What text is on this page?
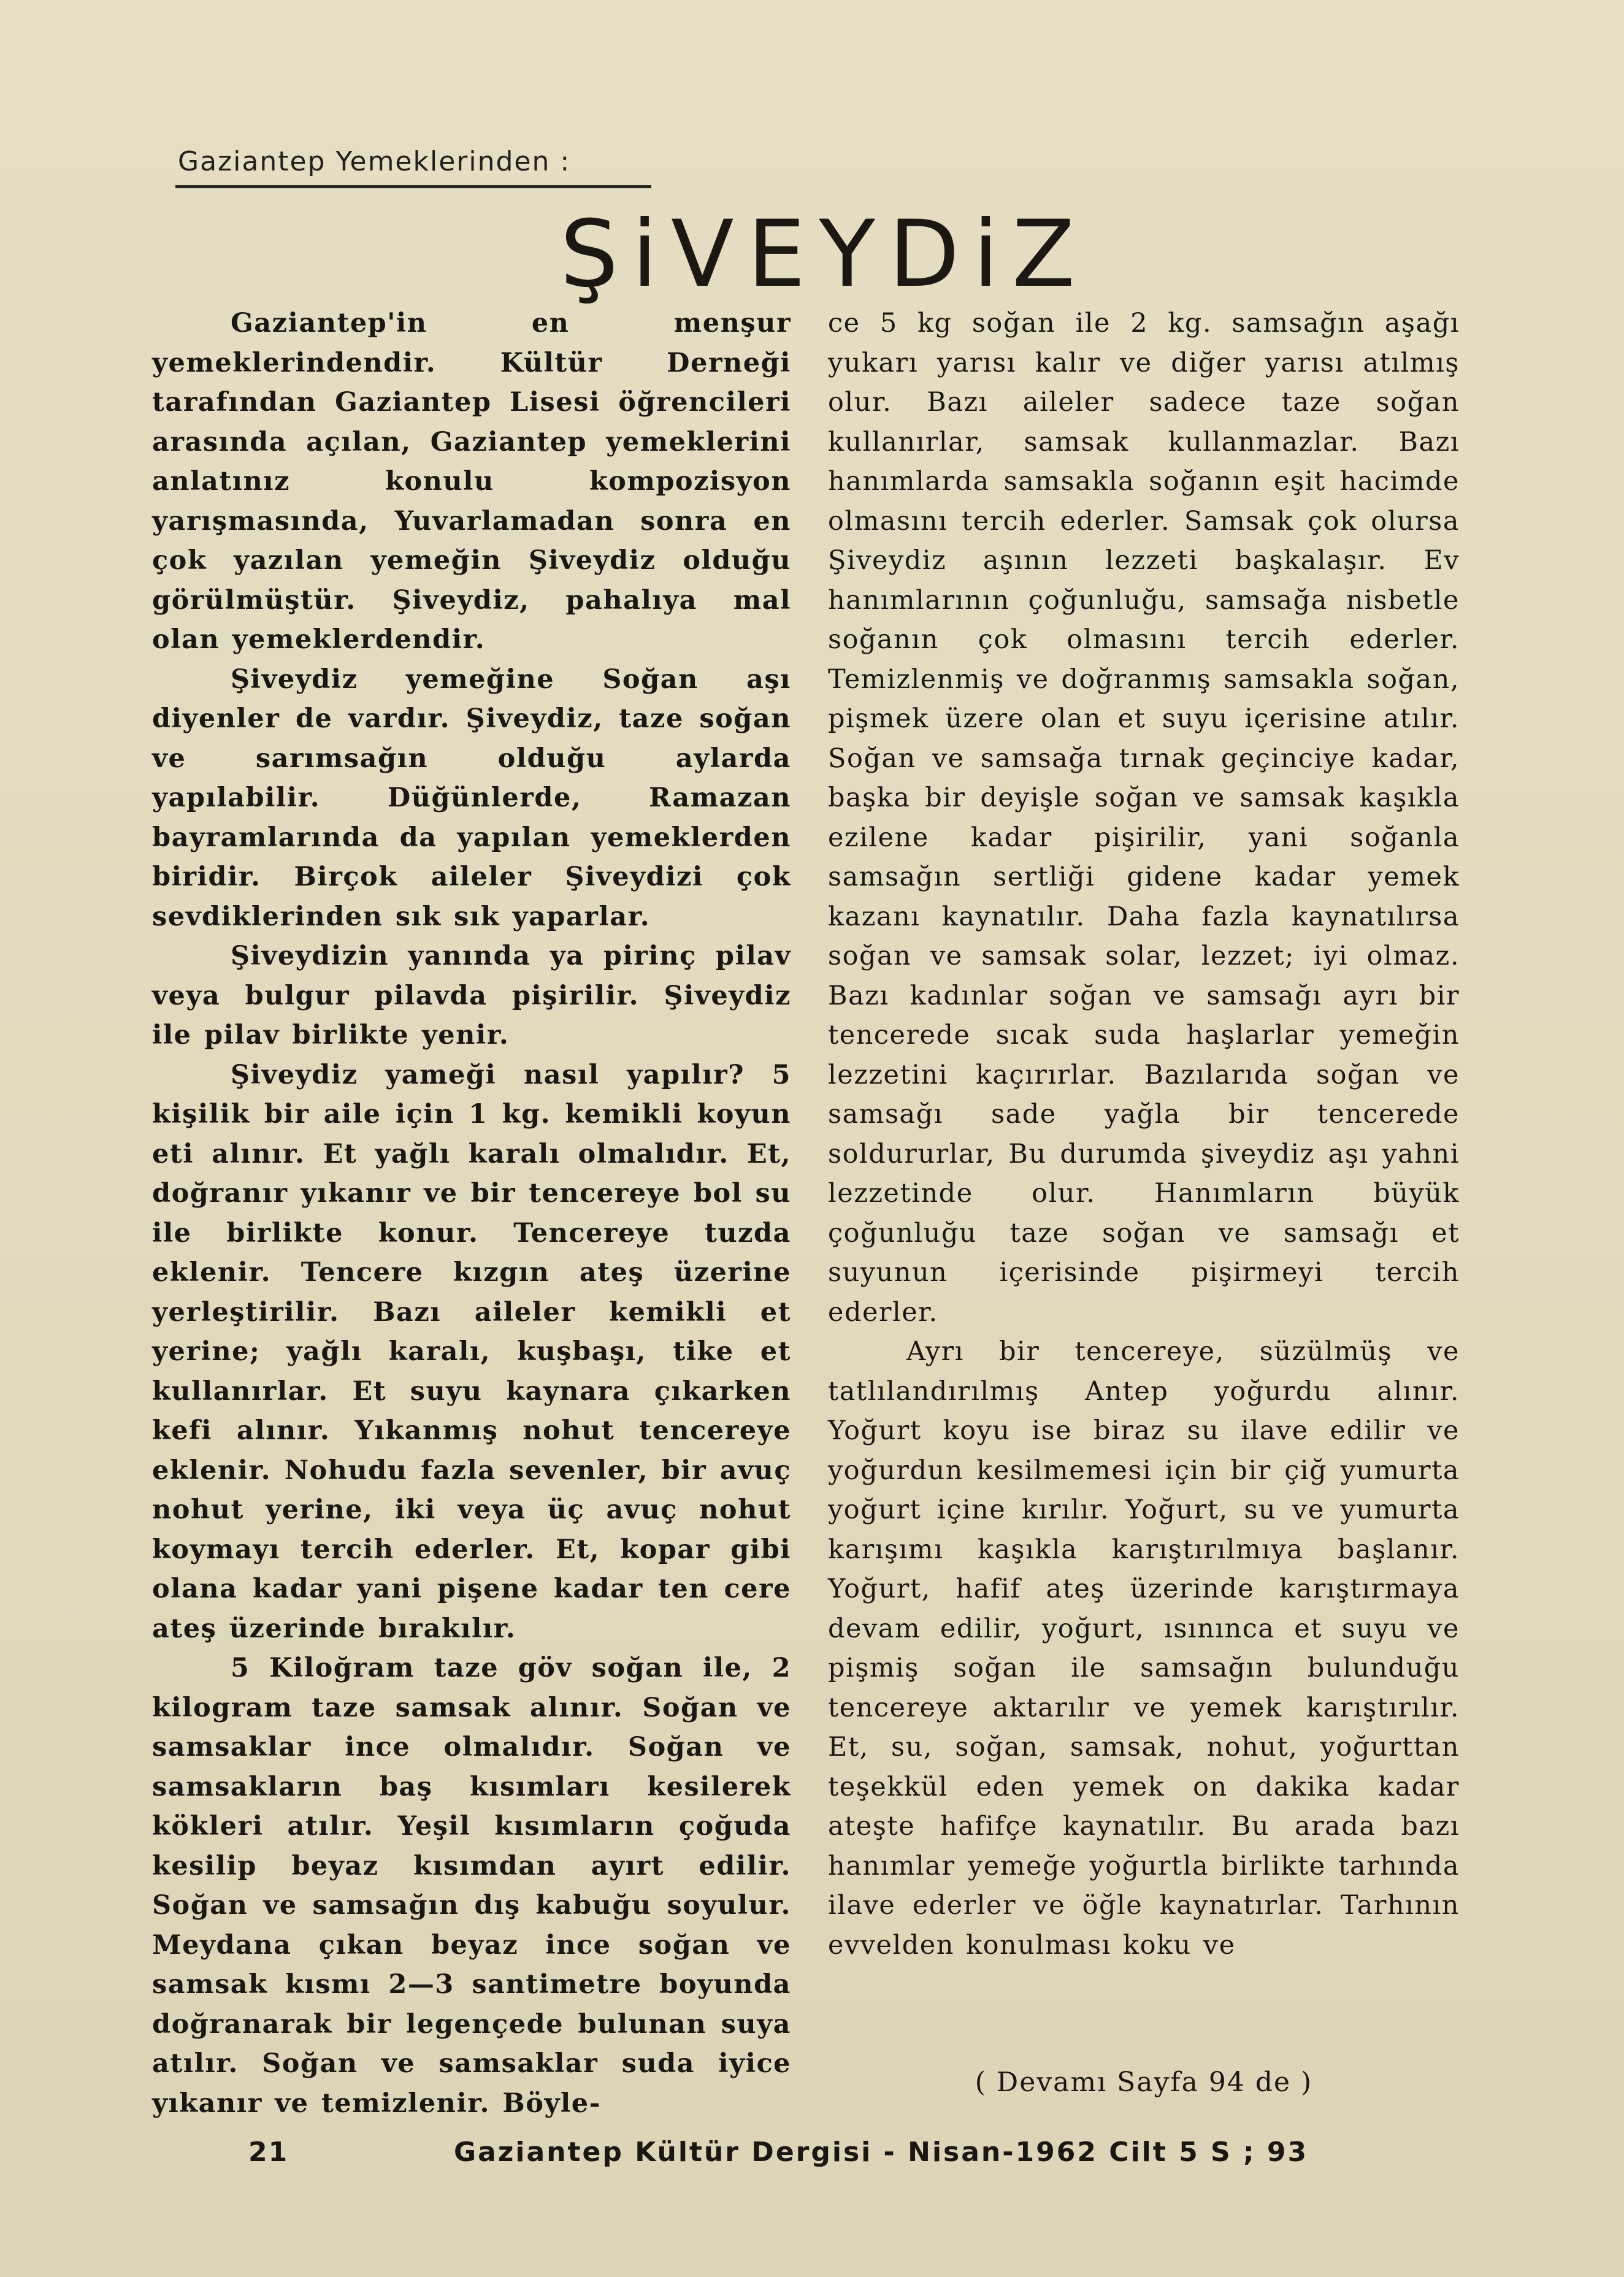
Gaziantep Yemeklerinden :
ŞiVEYDiZ

Gaziantep'in en menşur yemeklerindendir. Kültür Derneği tarafından Gaziantep Lisesi öğrencileri arasında açılan, Gaziantep yemeklerini anlatınız konulu kompozisyon yarışmasında, Yuvarlamadan sonra en çok yazılan yemeğin Şiveydiz olduğu görülmüştür. Şiveydiz, pahalıya mal olan yemeklerdendir.

Şiveydiz yemeğine Soğan aşı diyenler de vardır. Şiveydiz, taze soğan ve sarımsağın olduğu aylarda yapılabilir. Düğünlerde, Ramazan bayramlarında da yapılan yemeklerden biridir. Birçok aileler Şiveydizi çok sevdiklerinden sık sık yaparlar.

Şiveydizin yanında ya pirinç pilav veya bulgur pilavda pişirilir. Şiveydiz ile pilav birlikte yenir.

Şiveydiz yameği nasıl yapılır? 5 kişilik bir aile için 1 kg. kemikli koyun eti alınır. Et yağlı karalı olmalıdır. Et, doğranır yıkanır ve bir tencereye bol su ile birlikte konur. Tencereye tuzda eklenir. Tencere kızgın ateş üzerine yerleştirilir. Bazı aileler kemikli et yerine; yağlı karalı, kuşbaşı, tike et kullanırlar. Et suyu kaynara çıkarken kefi alınır. Yıkanmış nohut tencereye eklenir. Nohudu fazla sevenler, bir avuç nohut yerine, iki veya üç avuç nohut koymayı tercih ederler. Et, kopar gibi olana kadar yani pişene kadar ten cere ateş üzerinde bırakılır.

5 Kiloğram taze göv soğan ile, 2 kilogram taze samsak alınır. Soğan ve samsaklar ince olmalıdır. Soğan ve samsakların baş kısımları kesilerek kökleri atılır. Yeşil kısımların çoğuda kesilip beyaz kısımdan ayırt edilir. Soğan ve samsağın dış kabuğu soyulur. Meydana çıkan beyaz ince soğan ve samsak kısmı 2—3 santimetre boyunda doğranarak bir legençede bulunan suya atılır. Soğan ve samsaklar suda iyice yıkanır ve temizlenir. Böyle-

ce 5 kg soğan ile 2 kg. samsağın aşağı yukarı yarısı kalır ve diğer yarısı atılmış olur. Bazı aileler sadece taze soğan kullanırlar, samsak kullanmazlar. Bazı hanımlarda samsakla soğanın eşit hacimde olmasını tercih ederler. Samsak çok olursa Şiveydiz aşının lezzeti başkalaşır. Ev hanımlarının çoğunluğu, samsağa nisbetle soğanın çok olmasını tercih ederler. Temizlenmiş ve doğranmış samsakla soğan, pişmek üzere olan et suyu içerisine atılır. Soğan ve samsağa tırnak geçinciye kadar, başka bir deyişle soğan ve samsak kaşıkla ezilene kadar pişirilir, yani soğanla samsağın sertliği gidene kadar yemek kazanı kaynatılır. Daha fazla kaynatılırsa soğan ve samsak solar, lezzet; iyi olmaz. Bazı kadınlar soğan ve samsağı ayrı bir tencerede sıcak suda haşlarlar yemeğin lezzetini kaçırırlar. Bazılarıda soğan ve samsağı sade yağla bir tencerede soldururlar, Bu durumda şiveydiz aşı yahni lezzetinde olur. Hanımların büyük çoğunluğu taze soğan ve samsağı et suyunun içerisinde pişirmeyi tercih ederler.

Ayrı bir tencereye, süzülmüş ve tatlılandırılmış Antep yoğurdu alınır. Yoğurt koyu ise biraz su ilave edilir ve yoğurdun kesilmemesi için bir çiğ yumurta yoğurt içine kırılır. Yoğurt, su ve yumurta karışımı kaşıkla karıştırılmıya başlanır. Yoğurt, hafif ateş üzerinde karıştırmaya devam edilir, yoğurt, ısınınca et suyu ve pişmiş soğan ile samsağın bulunduğu tencereye aktarılır ve yemek karıştırılır. Et, su, soğan, samsak, nohut, yoğurttan teşekkül eden yemek on dakika kadar ateşte hafifçe kaynatılır. Bu arada bazı hanımlar yemeğe yoğurtla birlikte tarhında ilave ederler ve öğle kaynatırlar. Tarhının evvelden konulması koku ve

( Devamı Sayfa 94 de )
21	Gaziantep Kültür Dergisi - Nisan-1962 Cilt 5 S ; 93
